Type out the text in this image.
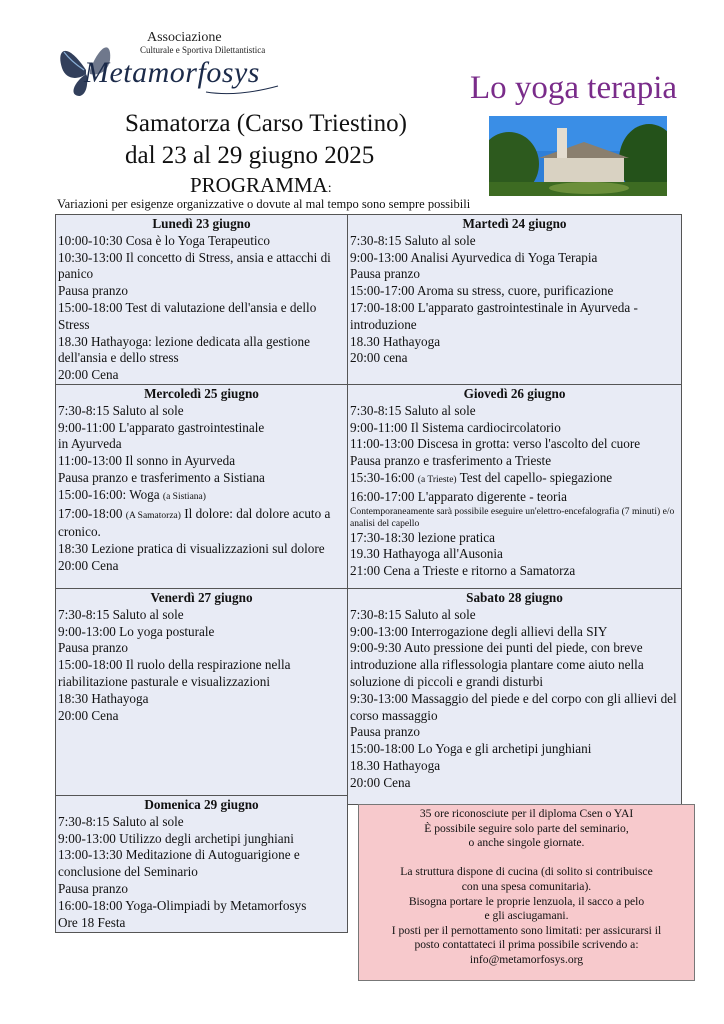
Associazione
Culturale e Sportiva Dilettantistica
Metamorfosys	Lo yoga terapia
Samatorza (Carso Triestino)
dal 23 al 29 giugno 2025
PROGRAMMA:
Variazioni per esigenze organizzative o dovute al mal tempo sono sempre possibili
Lunedì 23 giugno
10:00-10:30 Cosa è lo Yoga Terapeutico
10:30-13:00 Il concetto di Stress, ansia e attacchi di panico
Pausa pranzo
15:00-18:00 Test di valutazione dell'ansia e dello Stress
18.30 Hathayoga: lezione dedicata alla gestione dell'ansia e dello stress
20:00 Cena
Martedì 24 giugno
7:30-8:15 Saluto al sole
9:00-13:00 Analisi Ayurvedica di Yoga Terapia
Pausa pranzo
15:00-17:00 Aroma su stress, cuore, purificazione
17:00-18:00 L'apparato gastrointestinale in Ayurveda - introduzione
18.30 Hathayoga
20:00 cena
Mercoledì 25 giugno
7:30-8:15 Saluto al sole
9:00-11:00 L'apparato gastrointestinale
in Ayurveda
11:00-13:00 Il sonno in Ayurveda
Pausa pranzo e trasferimento a Sistiana
15:00-16:00: Woga (a Sistiana)
17:00-18:00 (A Samatorza) Il dolore: dal dolore acuto a cronico.
18:30 Lezione pratica di visualizzazioni sul dolore
20:00 Cena
Giovedì 26 giugno
7:30-8:15 Saluto al sole
9:00-11:00 Il Sistema cardiocircolatorio
11:00-13:00 Discesa in grotta: verso l'ascolto del cuore
Pausa pranzo e trasferimento a Trieste
15:30-16:00 (a Trieste) Test del capello- spiegazione
16:00-17:00 L'apparato digerente - teoria
Contemporaneamente sarà possibile eseguire un'elettro-encefalografia (7 minuti) e/o analisi del capello
17:30-18:30 lezione pratica
19.30 Hathayoga all'Ausonia
21:00 Cena a Trieste e ritorno a Samatorza
Venerdì 27 giugno
7:30-8:15 Saluto al sole
9:00-13:00 Lo yoga posturale
Pausa pranzo
15:00-18:00 Il ruolo della respirazione nella riabilitazione pasturale e visualizzazioni
18:30 Hathayoga
20:00 Cena
Sabato 28 giugno
7:30-8:15 Saluto al sole
9:00-13:00 Interrogazione degli allievi della SIY
9:00-9:30 Auto pressione dei punti del piede, con breve introduzione alla riflessologia plantare come aiuto nella soluzione di piccoli e grandi disturbi
9:30-13:00 Massaggio del piede e del corpo con gli allievi del corso massaggio
Pausa pranzo
15:00-18:00 Lo Yoga e gli archetipi junghiani
18.30 Hathayoga
20:00 Cena
Domenica 29 giugno
7:30-8:15 Saluto al sole
9:00-13:00 Utilizzo degli archetipi junghiani
13:00-13:30 Meditazione di Autoguarigione e conclusione del Seminario
Pausa pranzo
16:00-18:00 Yoga-Olimpiadi by Metamorfosys
Ore 18 Festa
35 ore riconosciute per il diploma Csen o YAI
È possibile seguire solo parte del seminario,
o anche singole giornate.
La struttura dispone di cucina (di solito si contribuisce
con una spesa comunitaria).
Bisogna portare le proprie lenzuola, il sacco a pelo
e gli asciugamani.
I posti per il pernottamento sono limitati: per assicurarsi il
posto contattateci il prima possibile scrivendo a:
info@metamorfosys.org
